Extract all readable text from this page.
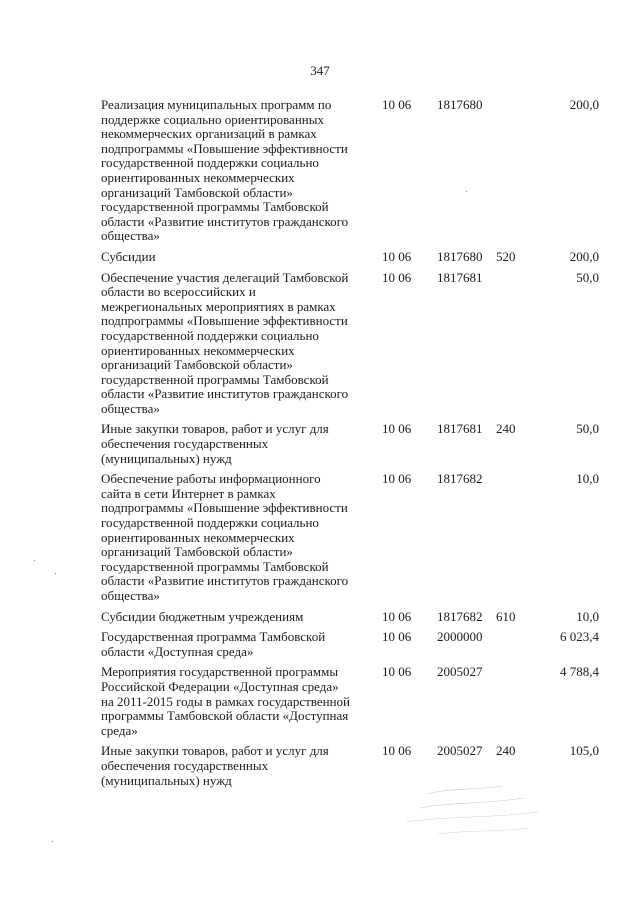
347
Реализация муниципальных программ по
поддержке социально ориентированных
некоммерческих организаций в рамках
подпрограммы «Повышение эффективности
государственной поддержки социально
ориентированных некоммерческих
организаций Тамбовской области»
государственной программы Тамбовской
области «Развитие институтов гражданского
общества»
10 06 1817680	200,0
Субсидии	10 06 1817680 520	200,0
Обеспечение участия делегаций Тамбовской
области во всероссийских и
межрегиональных мероприятиях в рамках
подпрограммы «Повышение эффективности
государственной поддержки социально
ориентированных некоммерческих
организаций Тамбовской области»
государственной программы Тамбовской
области «Развитие институтов гражданского
общества»
10 06 1817681	50,0
Иные закупки товаров, работ и услуг для
обеспечения государственных
(муниципальных) нужд
10 06 1817681 240	50,0
Обеспечение работы информационного
сайта в сети Интернет в рамках
подпрограммы «Повышение эффективности
государственной поддержки социально
ориентированных некоммерческих
организаций Тамбовской области»
государственной программы Тамбовской
области «Развитие институтов гражданского
общества»
10 06 1817682	10,0
Субсидии бюджетным учреждениям	10 06 1817682 610	10,0
Государственная программа Тамбовской
области «Доступная среда»
10 06 2000000	6 023,4
Мероприятия государственной программы
Российской Федерации «Доступная среда»
на 2011-2015 годы в рамках государственной
программы Тамбовской области «Доступная
среда»
10 06 2005027	4 788,4
Иные закупки товаров, работ и услуг для
обеспечения государственных
(муниципальных) нужд
10 06 2005027 240	105,0
